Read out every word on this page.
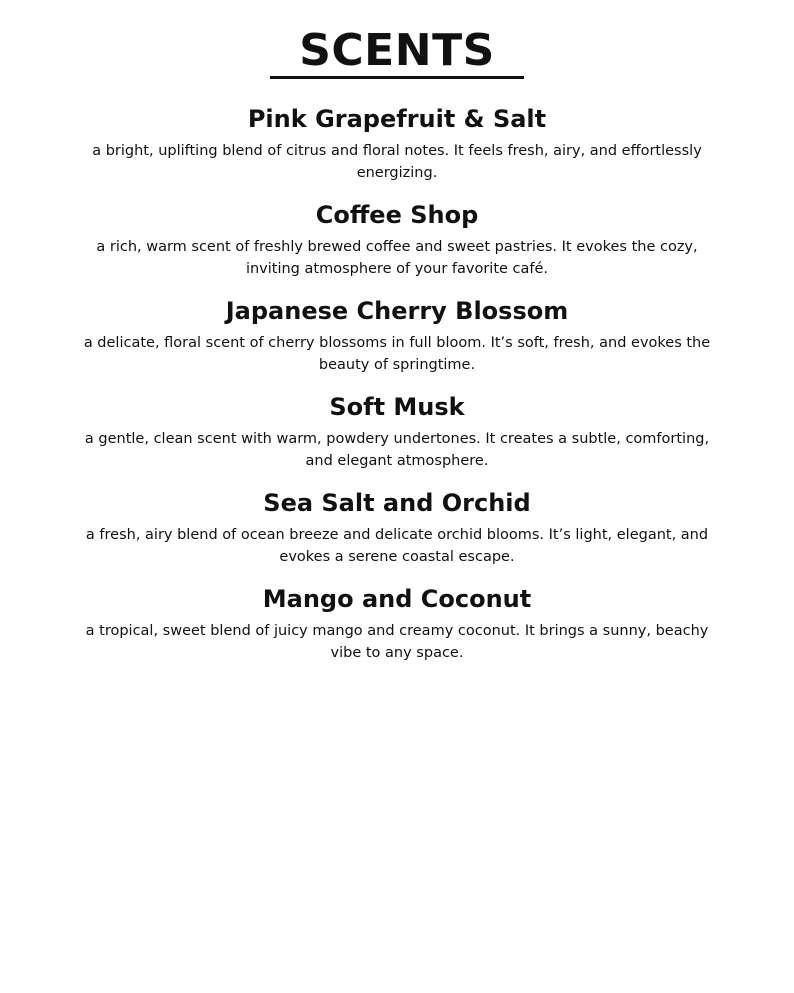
SCENTS
Pink Grapefruit & Salt
a bright, uplifting blend of citrus and floral notes. It feels fresh, airy, and effortlessly energizing.
Coffee Shop
a rich, warm scent of freshly brewed coffee and sweet pastries. It evokes the cozy, inviting atmosphere of your favorite café.
Japanese Cherry Blossom
a delicate, floral scent of cherry blossoms in full bloom. It’s soft, fresh, and evokes the beauty of springtime.
Soft Musk
a gentle, clean scent with warm, powdery undertones. It creates a subtle, comforting, and elegant atmosphere.
Sea Salt and Orchid
a fresh, airy blend of ocean breeze and delicate orchid blooms. It’s light, elegant, and evokes a serene coastal escape.
Mango and Coconut
a tropical, sweet blend of juicy mango and creamy coconut. It brings a sunny, beachy vibe to any space.
